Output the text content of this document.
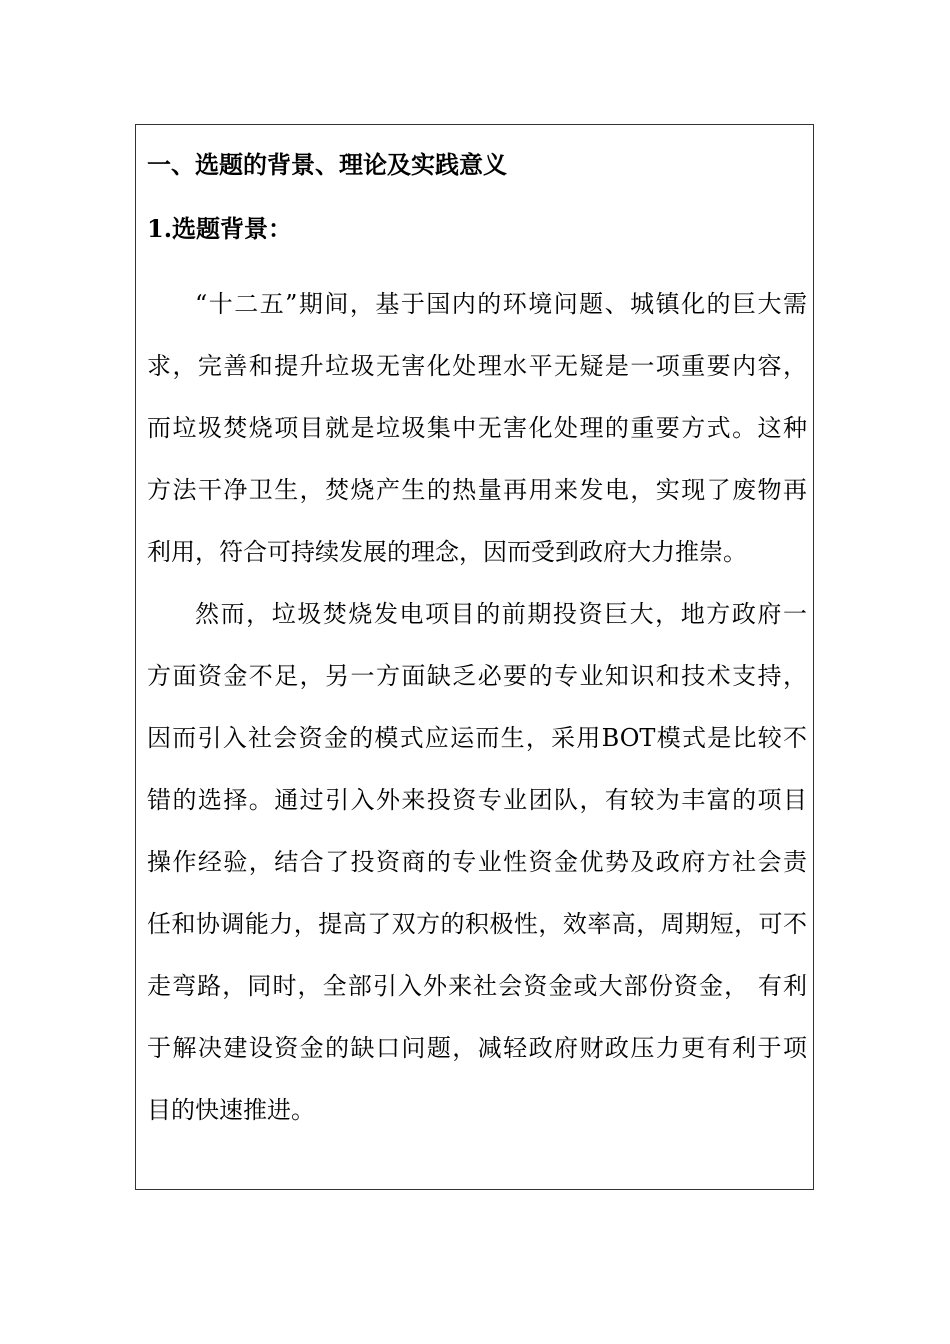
一、选题的背景、理论及实践意义

1.选题背景：

“十二五”期间，基于国内的环境问题、城镇化的巨大需
求，完善和提升垃圾无害化处理水平无疑是一项重要内容，
而垃圾焚烧项目就是垃圾集中无害化处理的重要方式。这种
方法干净卫生，焚烧产生的热量再用来发电，实现了废物再
利用，符合可持续发展的理念，因而受到政府大力推崇。
然而，垃圾焚烧发电项目的前期投资巨大，地方政府一
方面资金不足，另一方面缺乏必要的专业知识和技术支持，
因而引入社会资金的模式应运而生，采用BOT模式是比较不
错的选择。通过引入外来投资专业团队，有较为丰富的项目
操作经验，结合了投资商的专业性资金优势及政府方社会责
任和协调能力，提高了双方的积极性，效率高，周期短，可不
走弯路，同时，全部引入外来社会资金或大部份资金， 有利
于解决建设资金的缺口问题，减轻政府财政压力更有利于项
目的快速推进。
